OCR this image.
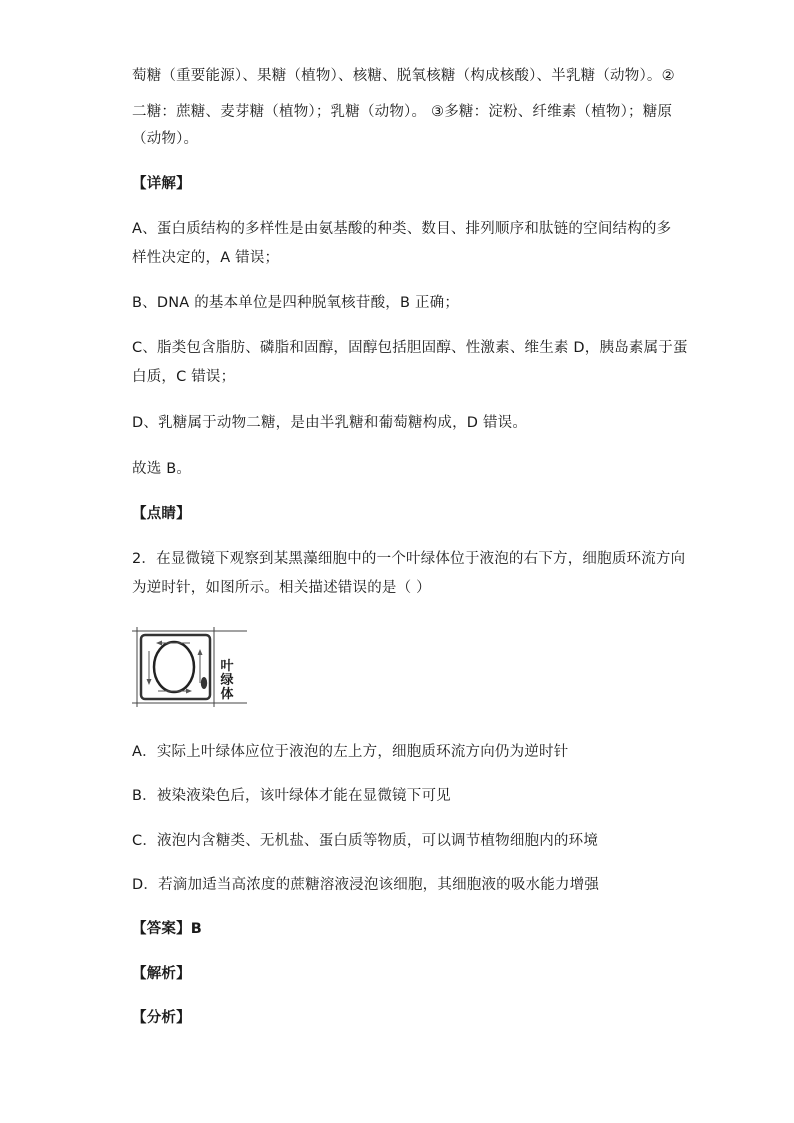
萄糖（重要能源）、果糖（植物）、核糖、脱氧核糖（构成核酸）、半乳糖（动物）。②
二糖：蔗糖、麦芽糖（植物）；乳糖（动物）。 ③多糖：淀粉、纤维素（植物）；糖原
（动物）。
【详解】
A、蛋白质结构的多样性是由氨基酸的种类、数目、排列顺序和肽链的空间结构的多
样性决定的，A 错误；
B、DNA 的基本单位是四种脱氧核苷酸，B 正确；
C、脂类包含脂肪、磷脂和固醇，固醇包括胆固醇、性激素、维生素 D，胰岛素属于蛋
白质，C 错误；
D、乳糖属于动物二糖，是由半乳糖和葡萄糖构成，D 错误。
故选 B。
【点睛】
2．在显微镜下观察到某黑藻细胞中的一个叶绿体位于液泡的右下方，细胞质环流方向
为逆时针，如图所示。相关描述错误的是（ ）
叶绿体
A．实际上叶绿体应位于液泡的左上方，细胞质环流方向仍为逆时针
B．被染液染色后，该叶绿体才能在显微镜下可见
C．液泡内含糖类、无机盐、蛋白质等物质，可以调节植物细胞内的环境
D．若滴加适当高浓度的蔗糖溶液浸泡该细胞，其细胞液的吸水能力增强
【答案】B
【解析】
【分析】
